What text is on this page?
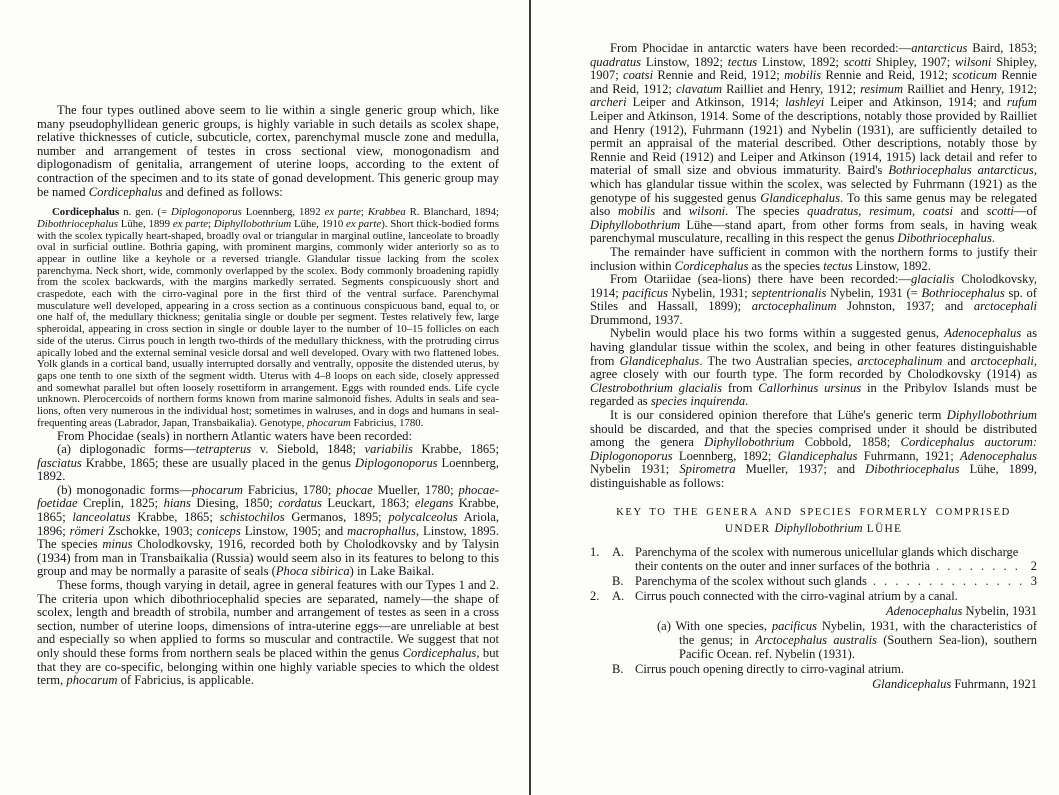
The four types outlined above seem to lie within a single generic group which, like many pseudophyllidean generic groups, is highly variable in such details as scolex shape, relative thicknesses of cuticle, subcuticle, cortex, parenchymal muscle zone and medulla, number and arrangement of testes in cross sectional view, monogonadism and diplogonadism of genitalia, arrangement of uterine loops, according to the extent of contraction of the specimen and to its state of gonad development. This generic group may be named Cordicephalus and defined as follows:

Cordicephalus n. gen. (= Diplogonoporus Loennberg, 1892 ex parte; Krabbea R. Blanchard, 1894; Dibothriocephalus Lühe, 1899 ex parte; Diphyllobothrium Lühe, 1910 ex parte). Short thick-bodied forms with the scolex typically heart-shaped, broadly oval or triangular in marginal outline, lanceolate to broadly oval in surficial outline. Bothria gaping, with prominent margins, commonly wider anteriorly so as to appear in outline like a keyhole or a reversed triangle. Glandular tissue lacking from the scolex parenchyma. Neck short, wide, commonly overlapped by the scolex. Body commonly broadening rapidly from the scolex backwards, with the margins markedly serrated. Segments conspicuously short and craspedote, each with the cirro-vaginal pore in the first third of the ventral surface. Parenchymal musculature well developed, appearing in a cross section as a continuous conspicuous band, equal to, or one half of, the medullary thickness; genitalia single or double per segment. Testes relatively few, large spheroidal, appearing in cross section in single or double layer to the number of 10–15 follicles on each side of the uterus. Cirrus pouch in length two-thirds of the medullary thickness, with the protruding cirrus apically lobed and the external seminal vesicle dorsal and well developed. Ovary with two flattened lobes. Yolk glands in a cortical band, usually interrupted dorsally and ventrally, opposite the distended uterus, by gaps one tenth to one sixth of the segment width. Uterus with 4–8 loops on each side, closely appressed and somewhat parallel but often loosely rosettiform in arrangement. Eggs with rounded ends. Life cycle unknown. Plerocercoids of northern forms known from marine salmonoid fishes. Adults in seals and sea-lions, often very numerous in the individual host; sometimes in walruses, and in dogs and humans in seal-frequenting areas (Labrador, Japan, Transbaikalia). Genotype, phocarum Fabricius, 1780.

From Phocidae (seals) in northern Atlantic waters have been recorded:

(a) diplogonadic forms—tetrapterus v. Siebold, 1848; variabilis Krabbe, 1865; fasciatus Krabbe, 1865; these are usually placed in the genus Diplogonoporus Loennberg, 1892.

(b) monogonadic forms—phocarum Fabricius, 1780; phocae Mueller, 1780; phocae-foetidae Creplin, 1825; hians Diesing, 1850; cordatus Leuckart, 1863; elegans Krabbe, 1865; lanceolatus Krabbe, 1865; schistochilos Germanos, 1895; polycalceolus Ariola, 1896; römeri Zschokke, 1903; coniceps Linstow, 1905; and macrophallus, Linstow, 1895. The species minus Cholodkovsky, 1916, recorded both by Cholodkovsky and by Talysin (1934) from man in Transbaikalia (Russia) would seem also in its features to belong to this group and may be normally a parasite of seals (Phoca sibirica) in Lake Baikal.

These forms, though varying in detail, agree in general features with our Types 1 and 2. The criteria upon which dibothriocephalid species are separated, namely—the shape of scolex, length and breadth of strobila, number and arrangement of testes as seen in a cross section, number of uterine loops, dimensions of intra-uterine eggs—are unreliable at best and especially so when applied to forms so muscular and contractile. We suggest that not only should these forms from northern seals be placed within the genus Cordicephalus, but that they are co-specific, belonging within one highly variable species to which the oldest term, phocarum of Fabricius, is applicable.

From Phocidae in antarctic waters have been recorded:—antarcticus Baird, 1853; quadratus Linstow, 1892; tectus Linstow, 1892; scotti Shipley, 1907; wilsoni Shipley, 1907; coatsi Rennie and Reid, 1912; mobilis Rennie and Reid, 1912; scoticum Rennie and Reid, 1912; clavatum Railliet and Henry, 1912; resimum Railliet and Henry, 1912; archeri Leiper and Atkinson, 1914; lashleyi Leiper and Atkinson, 1914; and rufum Leiper and Atkinson, 1914. Some of the descriptions, notably those provided by Railliet and Henry (1912), Fuhrmann (1921) and Nybelin (1931), are sufficiently detailed to permit an appraisal of the material described. Other descriptions, notably those by Rennie and Reid (1912) and Leiper and Atkinson (1914, 1915) lack detail and refer to material of small size and obvious immaturity. Baird's Bothriocephalus antarcticus, which has glandular tissue within the scolex, was selected by Fuhrmann (1921) as the genotype of his suggested genus Glandicephalus. To this same genus may be relegated also mobilis and wilsoni. The species quadratus, resimum, coatsi and scotti—of Diphyllobothrium Lühe—stand apart, from other forms from seals, in having weak parenchymal musculature, recalling in this respect the genus Dibothriocephalus.

The remainder have sufficient in common with the northern forms to justify their inclusion within Cordicephalus as the species tectus Linstow, 1892.

From Otariidae (sea-lions) there have been recorded:—glacialis Cholodkovsky, 1914; pacificus Nybelin, 1931; septentrionalis Nybelin, 1931 (= Bothriocephalus sp. of Stiles and Hassall, 1899); arctocephalinum Johnston, 1937; and arctocephali Drummond, 1937.

Nybelin would place his two forms within a suggested genus, Adenocephalus as having glandular tissue within the scolex, and being in other features distinguishable from Glandicephalus. The two Australian species, arctocephalinum and arctocephali, agree closely with our fourth type. The form recorded by Cholodkovsky (1914) as Clestrobothrium glacialis from Callorhinus ursinus in the Pribylov Islands must be regarded as species inquirenda.

It is our considered opinion therefore that Lühe's generic term Diphyllobothrium should be discarded, and that the species comprised under it should be distributed among the genera Diphyllobothrium Cobbold, 1858; Cordicephalus auctorum: Diplogonoporus Loennberg, 1892; Glandicephalus Fuhrmann, 1921; Adenocephalus Nybelin 1931; Spirometra Mueller, 1937; and Dibothriocephalus Lühe, 1899, distinguishable as follows:

KEY TO THE GENERA AND SPECIES FORMERLY COMPRISED
UNDER Diphyllobothrium LÜHE
1.	A. Parenchyma of the scolex with numerous unicellular glands which discharge
their contents on the outer and inner surfaces of the bothria . . .	2
B. Parenchyma of the scolex without such glands . . .	3
2.	A. Cirrus pouch connected with the cirro-vaginal atrium by a canal.
Adenocephalus Nybelin, 1931
(a) With one species, pacificus Nybelin, 1931, with the characteristics of the genus; in Arctocephalus australis (Southern Sea-lion), southern Pacific Ocean. ref. Nybelin (1931).
B. Cirrus pouch opening directly to cirro-vaginal atrium.
Glandicephalus Fuhrmann, 1921
